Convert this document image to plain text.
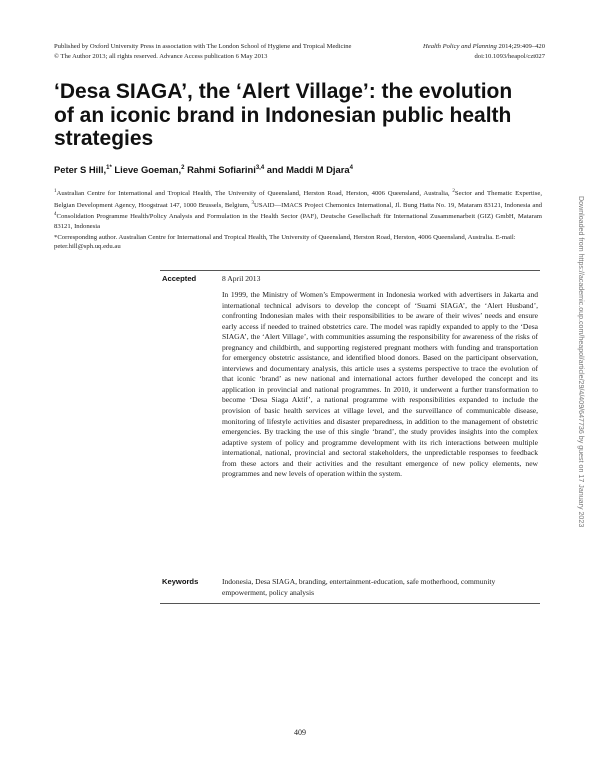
Published by Oxford University Press in association with The London School of Hygiene and Tropical Medicine
© The Author 2013; all rights reserved. Advance Access publication 6 May 2013
Health Policy and Planning 2014;29:409–420
doi:10.1093/heapol/czt027
‘Desa SIAGA’, the ‘Alert Village’: the evolution of an iconic brand in Indonesian public health strategies
Peter S Hill,$^{1*}$ Lieve Goeman,$^2$ Rahmi Sofiarini$^{3,4}$ and Maddi M Djara$^4$
$^1$Australian Centre for International and Tropical Health, The University of Queensland, Herston Road, Herston, 4006 Queensland, Australia, $^2$Sector and Thematic Expertise, Belgian Development Agency, Hoogstraat 147, 1000 Brussels, Belgium, $^3$USAID—IMACS Project Chemonics International, Jl. Bung Hatta No. 19, Mataram 83121, Indonesia and $^4$Consolidation Programme Health/Policy Analysis and Formulation in the Health Sector (PAF), Deutsche Gesellschaft für International Zusammenarbeit (GIZ) GmbH, Mataram 83121, Indonesia
*Corresponding author. Australian Centre for International and Tropical Health, The University of Queensland, Herston Road, Herston, 4006 Queensland, Australia. E-mail: peter.hill@sph.uq.edu.au
Accepted	8 April 2013

In 1999, the Ministry of Women’s Empowerment in Indonesia worked with advertisers in Jakarta and international technical advisors to develop the concept of ‘Suami SIAGA’, the ‘Alert Husband’, confronting Indonesian males with their responsibilities to be aware of their wives’ needs and ensure early access if needed to trained obstetrics care. The model was rapidly expanded to apply to the ‘Desa SIAGA’, the ‘Alert Village’, with communities assuming the responsibility for awareness of the risks of pregnancy and childbirth, and supporting registered pregnant mothers with funding and transportation for emergency obstetric assistance, and identified blood donors. Based on the participant observation, interviews and documentary analysis, this article uses a systems perspective to trace the evolution of that iconic ‘brand’ as new national and international actors further developed the concept and its application in provincial and national programmes. In 2010, it underwent a further transformation to become ‘Desa Siaga Aktif’, a national programme with responsibilities expanded to include the provision of basic health services at village level, and the surveillance of communicable disease, monitoring of lifestyle activities and disaster preparedness, in addition to the management of obstetric emergencies. By tracking the use of this single ‘brand’, the study provides insights into the complex adaptive system of policy and programme development with its rich interactions between multiple international, national, provincial and sectoral stakeholders, the unpredictable responses to feedback from these actors and their activities and the resultant emergence of new policy elements, new programmes and new levels of operation within the system.

Keywords	Indonesia, Desa SIAGA, branding, entertainment-education, safe motherhood, community empowerment, policy analysis
Downloaded from https://academic.oup.com/heapol/article/29/4/409/647736 by guest on 17 January 2023
409
